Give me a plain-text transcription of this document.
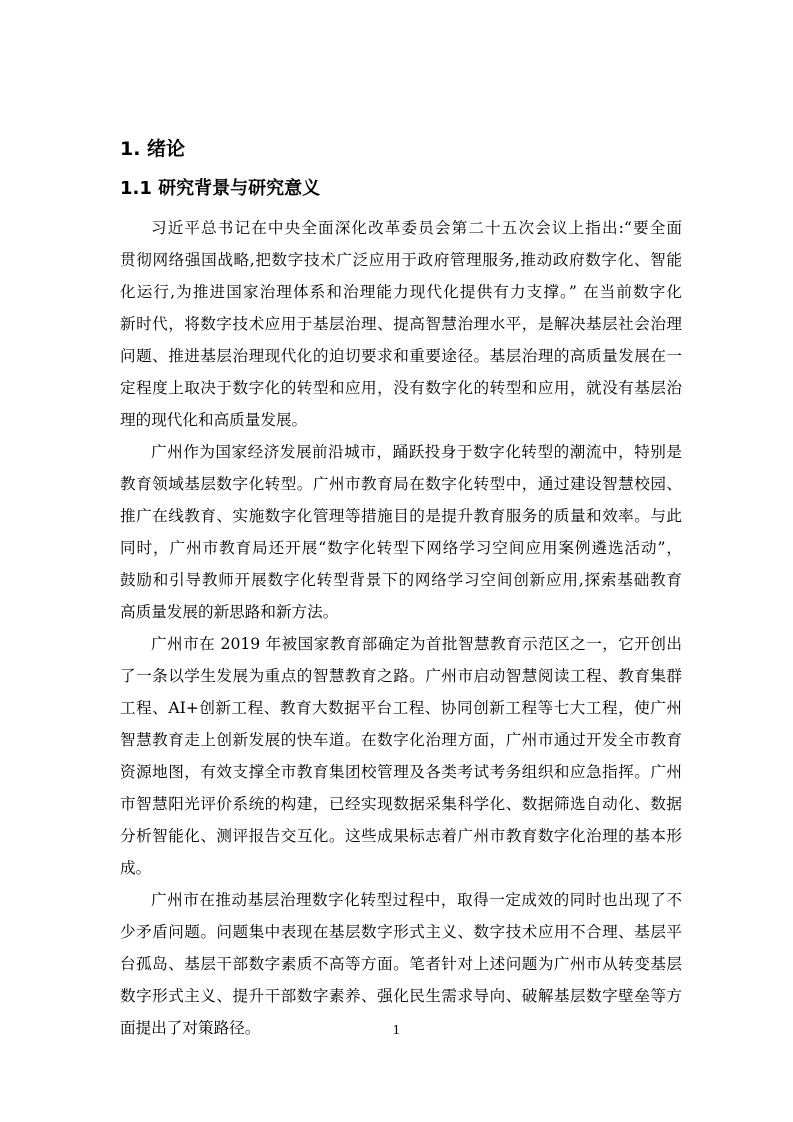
1. 绪论
1.1 研究背景与研究意义
习近平总书记在中央全面深化改革委员会第二十五次会议上指出:“要全面
贯彻网络强国战略,把数字技术广泛应用于政府管理服务,推动政府数字化、智能
化运行,为推进国家治理体系和治理能力现代化提供有力支撑。” 在当前数字化
新时代，将数字技术应用于基层治理、提高智慧治理水平，是解决基层社会治理
问题、推进基层治理现代化的迫切要求和重要途径。基层治理的高质量发展在一
定程度上取决于数字化的转型和应用，没有数字化的转型和应用，就没有基层治
理的现代化和高质量发展。
广州作为国家经济发展前沿城市，踊跃投身于数字化转型的潮流中，特别是
教育领域基层数字化转型。广州市教育局在数字化转型中，通过建设智慧校园、
推广在线教育、实施数字化管理等措施目的是提升教育服务的质量和效率。与此
同时，广州市教育局还开展“数字化转型下网络学习空间应用案例遴选活动”，
鼓励和引导教师开展数字化转型背景下的网络学习空间创新应用,探索基础教育
高质量发展的新思路和新方法。
广州市在 2019 年被国家教育部确定为首批智慧教育示范区之一，它开创出
了一条以学生发展为重点的智慧教育之路。广州市启动智慧阅读工程、教育集群
工程、AI+创新工程、教育大数据平台工程、协同创新工程等七大工程，使广州
智慧教育走上创新发展的快车道。在数字化治理方面，广州市通过开发全市教育
资源地图，有效支撑全市教育集团校管理及各类考试考务组织和应急指挥。广州
市智慧阳光评价系统的构建，已经实现数据采集科学化、数据筛选自动化、数据
分析智能化、测评报告交互化。这些成果标志着广州市教育数字化治理的基本形
成。
广州市在推动基层治理数字化转型过程中，取得一定成效的同时也出现了不
少矛盾问题。问题集中表现在基层数字形式主义、数字技术应用不合理、基层平
台孤岛、基层干部数字素质不高等方面。笔者针对上述问题为广州市从转变基层
数字形式主义、提升干部数字素养、强化民生需求导向、破解基层数字壁垒等方
面提出了对策路径。	1
